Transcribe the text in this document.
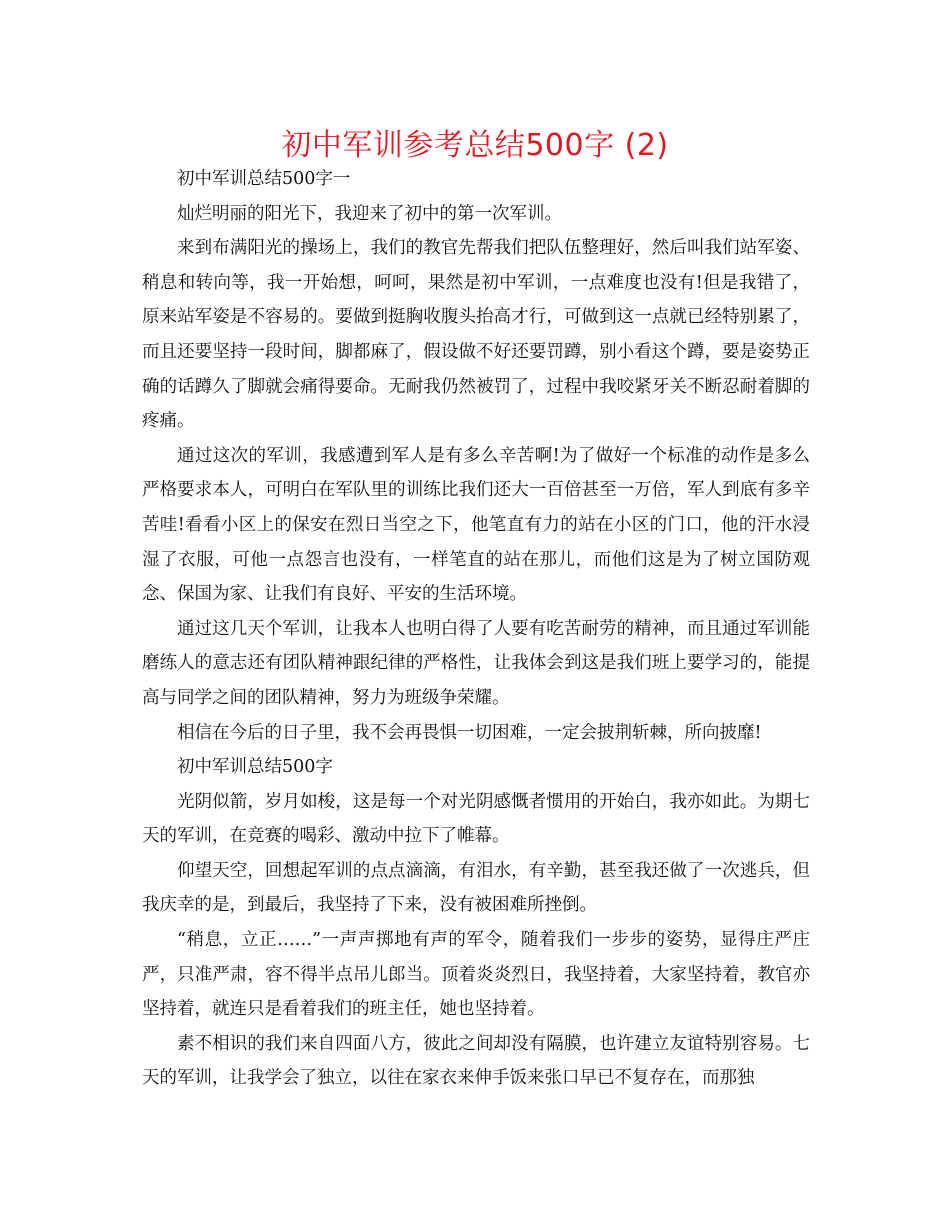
初中军训参考总结500字 (2)

初中军训总结500字一

灿烂明丽的阳光下，我迎来了初中的第一次军训。

来到布满阳光的操场上，我们的教官先帮我们把队伍整理好，然后叫我们站军姿、稍息和转向等，我一开始想，呵呵，果然是初中军训，一点难度也没有!但是我错了，原来站军姿是不容易的。要做到挺胸收腹头抬高才行，可做到这一点就已经特别累了，而且还要坚持一段时间，脚都麻了，假设做不好还要罚蹲，别小看这个蹲，要是姿势正确的话蹲久了脚就会痛得要命。无耐我仍然被罚了，过程中我咬紧牙关不断忍耐着脚的疼痛。

通过这次的军训，我感遭到军人是有多么辛苦啊!为了做好一个标准的动作是多么严格要求本人，可明白在军队里的训练比我们还大一百倍甚至一万倍，军人到底有多辛苦哇!看看小区上的保安在烈日当空之下，他笔直有力的站在小区的门口，他的汗水浸湿了衣服，可他一点怨言也没有，一样笔直的站在那儿，而他们这是为了树立国防观念、保国为家、让我们有良好、平安的生活环境。

通过这几天个军训，让我本人也明白得了人要有吃苦耐劳的精神，而且通过军训能磨练人的意志还有团队精神跟纪律的严格性，让我体会到这是我们班上要学习的，能提高与同学之间的团队精神，努力为班级争荣耀。

相信在今后的日子里，我不会再畏惧一切困难，一定会披荆斩棘，所向披靡!

初中军训总结500字

光阴似箭，岁月如梭，这是每一个对光阴感慨者惯用的开始白，我亦如此。为期七天的军训，在竞赛的喝彩、激动中拉下了帷幕。

仰望天空，回想起军训的点点滴滴，有泪水，有辛勤，甚至我还做了一次逃兵，但我庆幸的是，到最后，我坚持了下来，没有被困难所挫倒。

“稍息，立正……”一声声掷地有声的军令，随着我们一步步的姿势，显得庄严庄严，只准严肃，容不得半点吊儿郎当。顶着炎炎烈日，我坚持着，大家坚持着，教官亦坚持着，就连只是看着我们的班主任，她也坚持着。

素不相识的我们来自四面八方，彼此之间却没有隔膜，也许建立友谊特别容易。七天的军训，让我学会了独立，以往在家衣来伸手饭来张口早已不复存在，而那独
